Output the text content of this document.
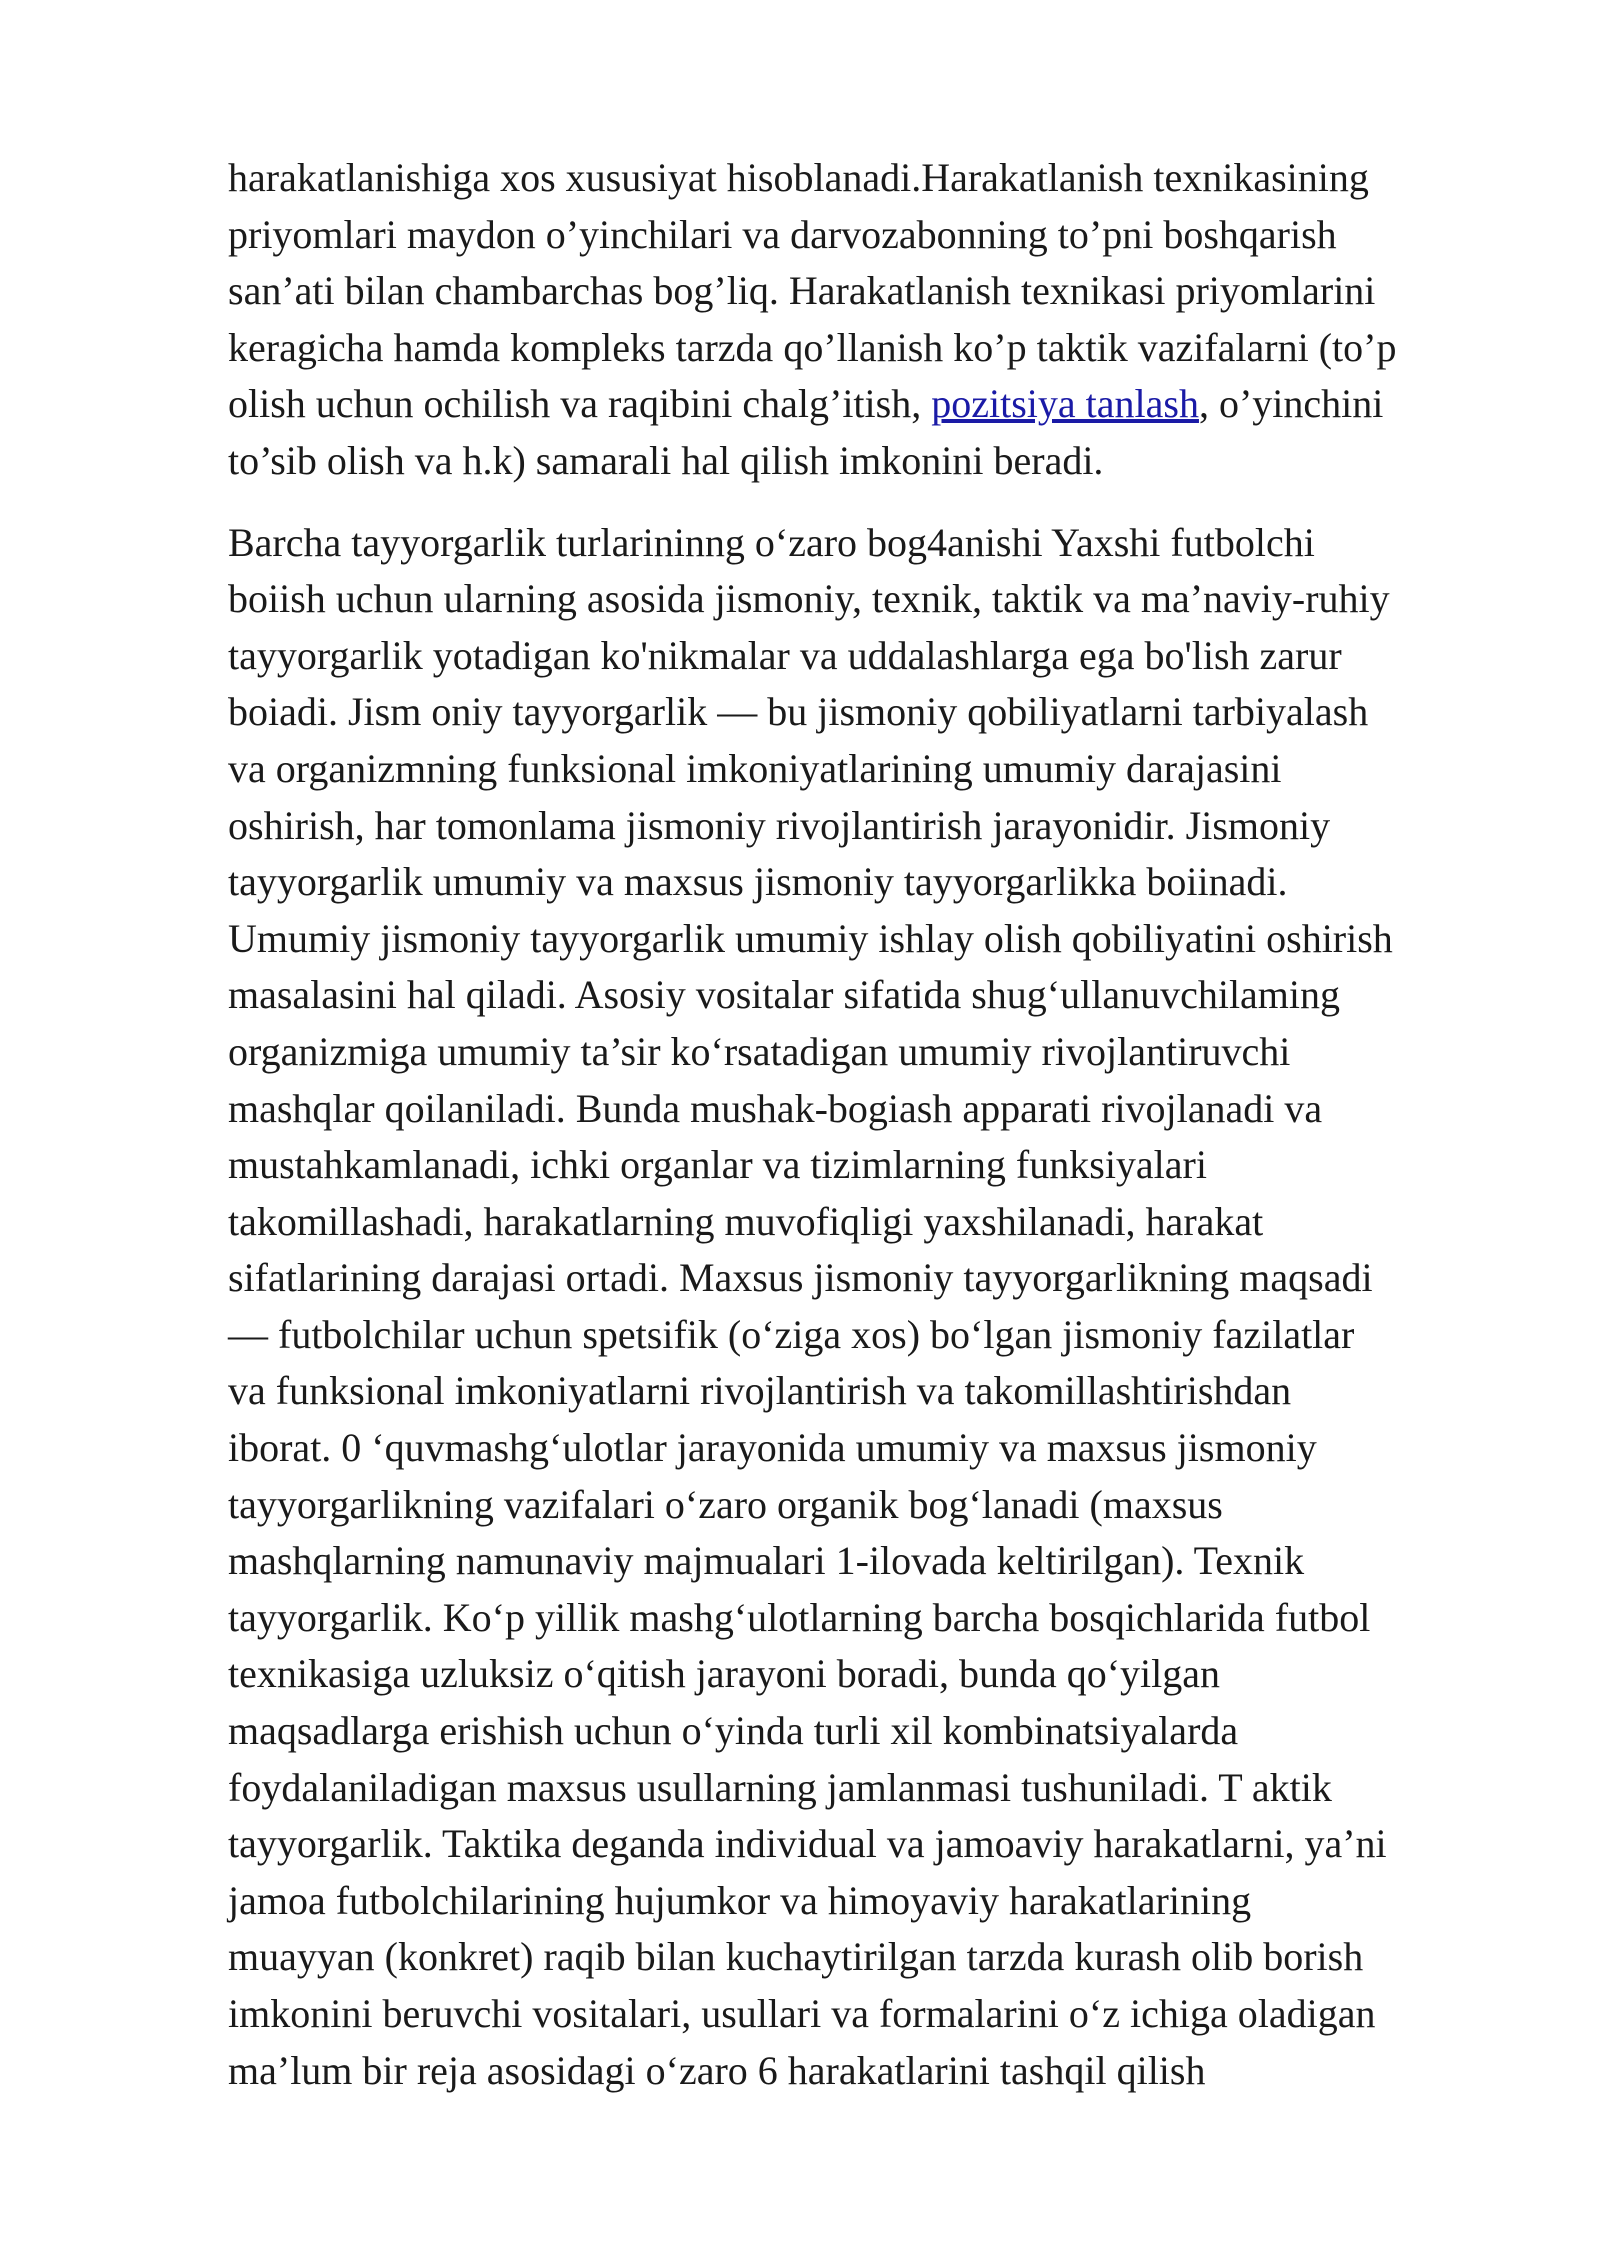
harakatlanishiga xos xususiyat hisoblanadi.Harakatlanish texnikasining
priyomlari maydon o’yinchilari va darvozabonning to’pni boshqarish
san’ati bilan chambarchas bog’liq. Harakatlanish texnikasi priyomlarini
keragicha hamda kompleks tarzda qo’llanish ko’p taktik vazifalarni (to’p
olish uchun ochilish va raqibini chalg’itish, pozitsiya tanlash, o’yinchini
to’sib olish va h.k) samarali hal qilish imkonini beradi.
Barcha tayyorgarlik turlarininng o‘zaro bog4anishi Yaxshi futbolchi
boiish uchun ularning asosida jismoniy, texnik, taktik va ma’naviy-ruhiy
tayyorgarlik yotadigan ko'nikmalar va uddalashlarga ega bo'lish zarur
boiadi. Jism oniy tayyorgarlik — bu jismoniy qobiliyatlarni tarbiyalash
va organizmning funksional imkoniyatlarining umumiy darajasini
oshirish, har tomonlama jismoniy rivojlantirish jarayonidir. Jismoniy
tayyorgarlik umumiy va maxsus jismoniy tayyorgarlikka boiinadi.
Umumiy jismoniy tayyorgarlik umumiy ishlay olish qobiliyatini oshirish
masalasini hal qiladi. Asosiy vositalar sifatida shug‘ullanuvchilaming
organizmiga umumiy ta’sir ko‘rsatadigan umumiy rivojlantiruvchi
mashqlar qoilaniladi. Bunda mushak-bogiash apparati rivojlanadi va
mustahkamlanadi, ichki organlar va tizimlarning funksiyalari
takomillashadi, harakatlarning muvofiqligi yaxshilanadi, harakat
sifatlarining darajasi ortadi. Maxsus jismoniy tayyorgarlikning maqsadi
— futbolchilar uchun spetsifik (o‘ziga xos) bo‘lgan jismoniy fazilatlar
va funksional imkoniyatlarni rivojlantirish va takomillashtirishdan
iborat. 0 ‘quvmashg‘ulotlar jarayonida umumiy va maxsus jismoniy
tayyorgarlikning vazifalari o‘zaro organik bog‘lanadi (maxsus
mashqlarning namunaviy majmualari 1-ilovada keltirilgan). Texnik
tayyorgarlik. Ko‘p yillik mashg‘ulotlarning barcha bosqichlarida futbol
texnikasiga uzluksiz o‘qitish jarayoni boradi, bunda qo‘yilgan
maqsadlarga erishish uchun o‘yinda turli xil kombinatsiyalarda
foydalaniladigan maxsus usullarning jamlanmasi tushuniladi. T aktik
tayyorgarlik. Taktika deganda individual va jamoaviy harakatlarni, ya’ni
jamoa futbolchilarining hujumkor va himoyaviy harakatlarining
muayyan (konkret) raqib bilan kuchaytirilgan tarzda kurash olib borish
imkonini beruvchi vositalari, usullari va formalarini o‘z ichiga oladigan
ma’lum bir reja asosidagi o‘zaro 6 harakatlarini tashqil qilish
